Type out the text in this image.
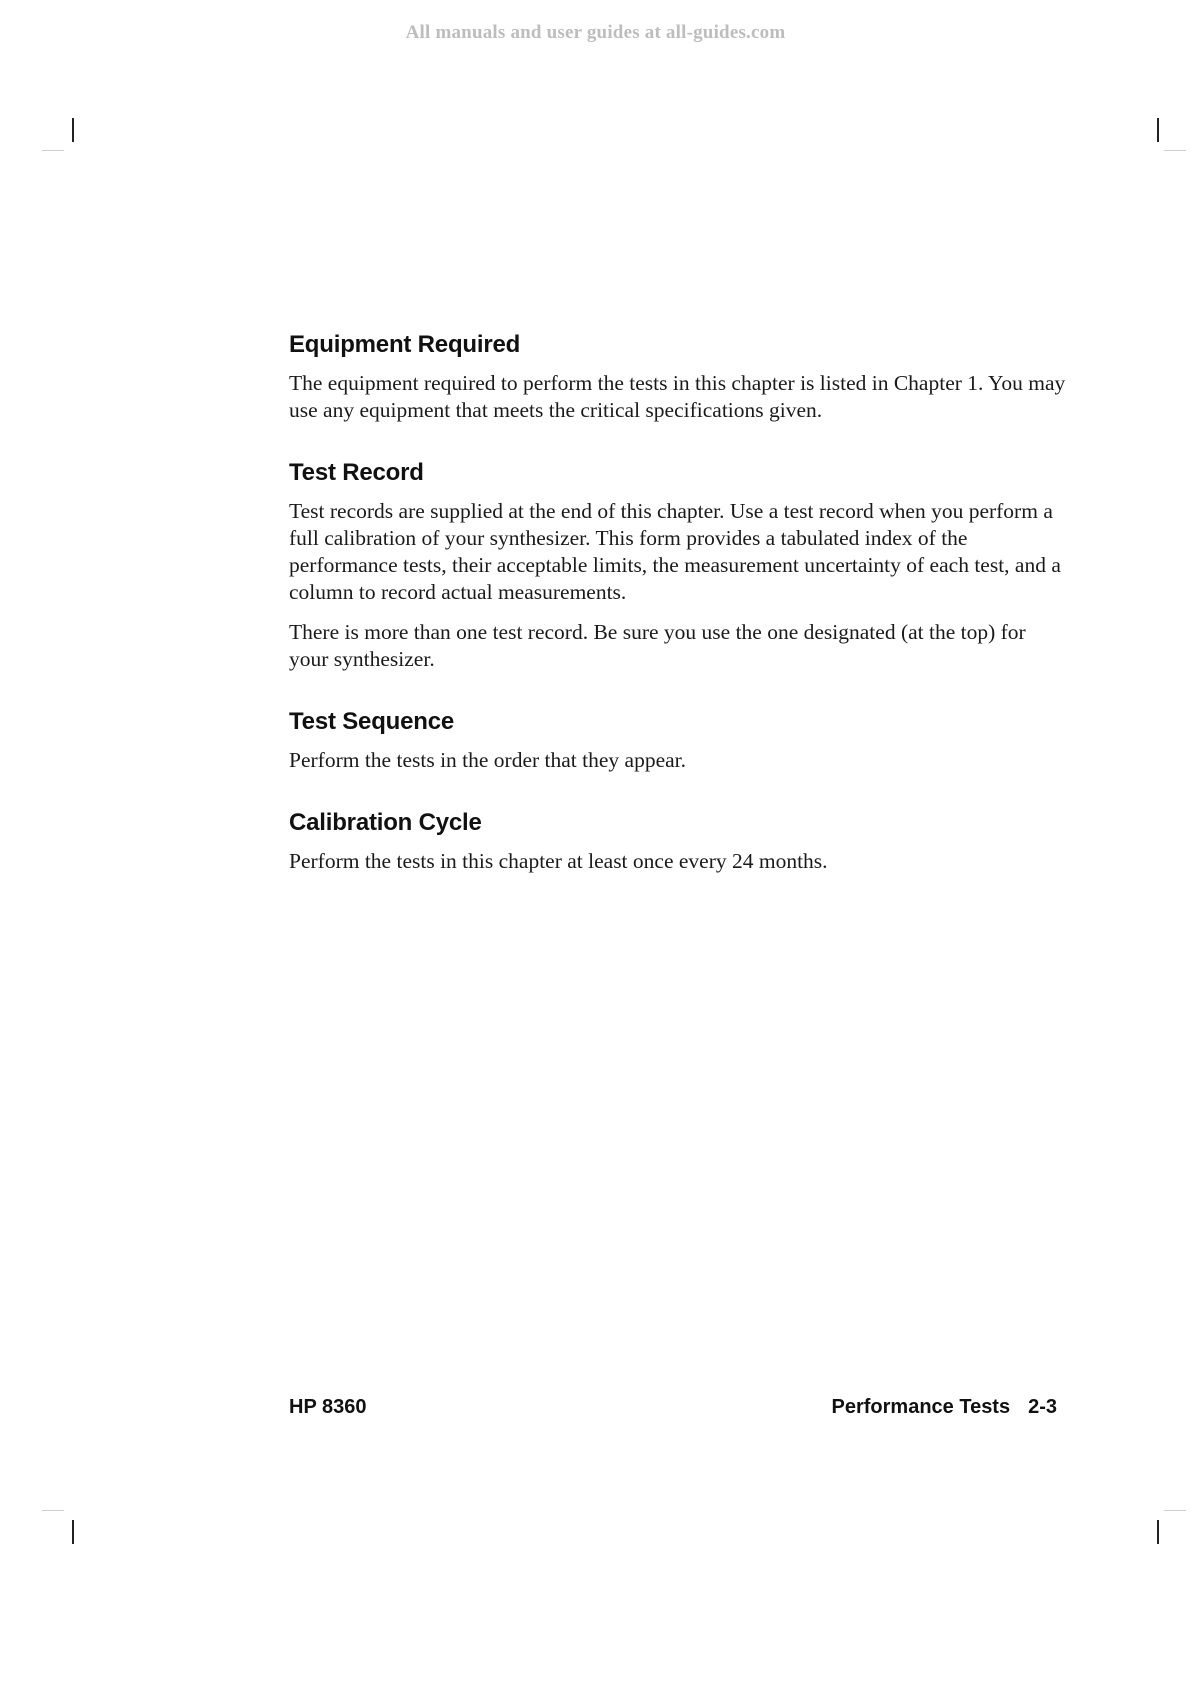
All manuals and user guides at all-guides.com
Equipment Required

The equipment required to perform the tests in this chapter is listed in Chapter 1. You may use any equipment that meets the critical specifications given.

Test Record

Test records are supplied at the end of this chapter. Use a test record when you perform a full calibration of your synthesizer. This form provides a tabulated index of the performance tests, their acceptable limits, the measurement uncertainty of each test, and a column to record actual measurements.

There is more than one test record. Be sure you use the one designated (at the top) for your synthesizer.

Test Sequence

Perform the tests in the order that they appear.

Calibration Cycle

Perform the tests in this chapter at least once every 24 months.

HP 8360	Performance Tests 2-3
